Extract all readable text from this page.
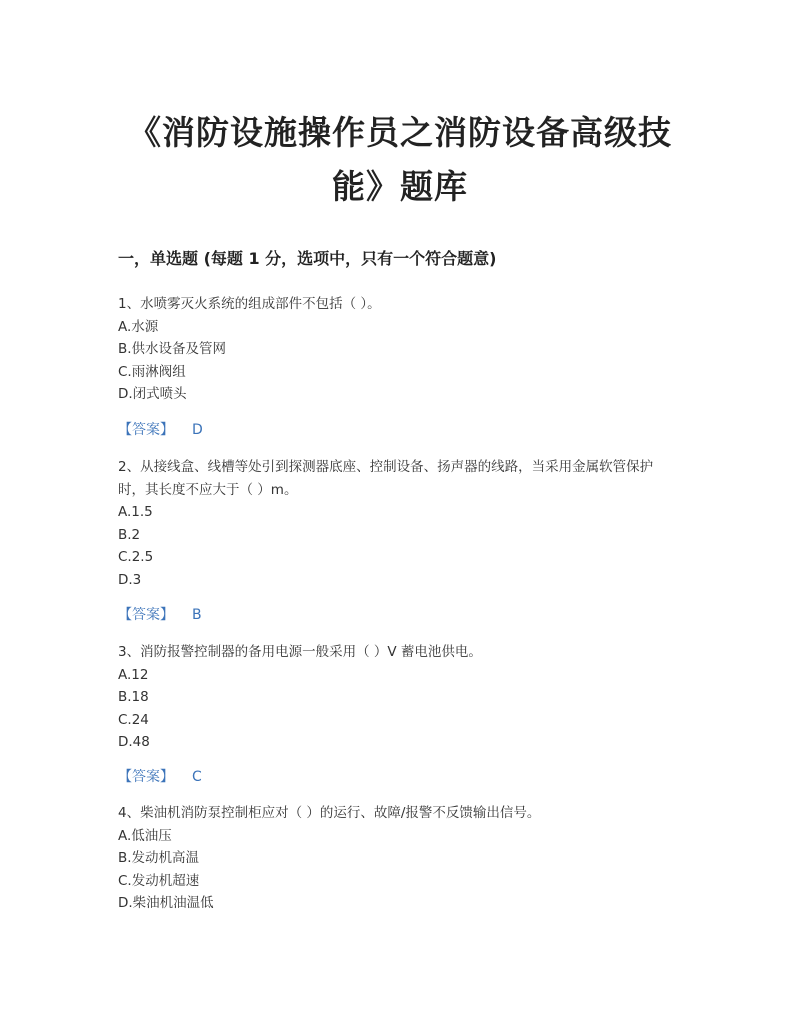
《消防设施操作员之消防设备高级技
能》题库
一，单选题 (每题 1 分，选项中，只有一个符合题意)

1、水喷雾灭火系统的组成部件不包括（ ）。

A.水源

B.供水设备及管网

C.雨淋阀组

D.闭式喷头

【答案】 D

2、从接线盒、线槽等处引到探测器底座、控制设备、扬声器的线路，当采用金属软管保护时，其长度不应大于（ ）m。

A.1.5

B.2

C.2.5

D.3

【答案】 B

3、消防报警控制器的备用电源一般采用（ ）V 蓄电池供电。

A.12

B.18

C.24

D.48

【答案】 C

4、柴油机消防泵控制柜应对（ ）的运行、故障/报警不反馈输出信号。

A.低油压

B.发动机高温

C.发动机超速

D.柴油机油温低
